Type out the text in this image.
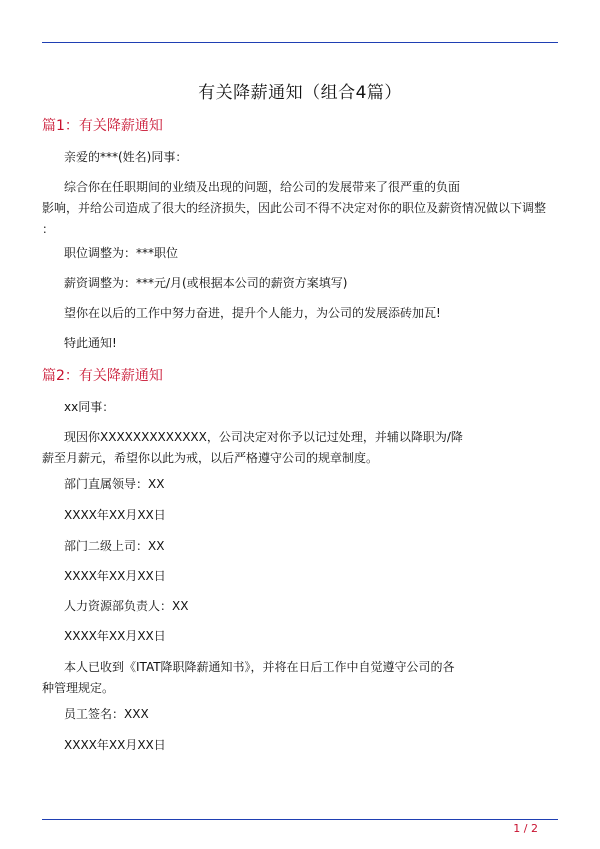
有关降薪通知（组合4篇）
篇1：有关降薪通知
亲爱的***(姓名)同事：
综合你在任职期间的业绩及出现的问题，给公司的发展带来了很严重的负面
影响，并给公司造成了很大的经济损失，因此公司不得不决定对你的职位及薪资情况做以下调整
：
职位调整为：***职位
薪资调整为：***元/月(或根据本公司的薪资方案填写)
望你在以后的工作中努力奋进，提升个人能力，为公司的发展添砖加瓦!
特此通知!
篇2：有关降薪通知
xx同事：
现因你XXXXXXXXXXXXX，公司决定对你予以记过处理，并辅以降职为/降
薪至月薪元，希望你以此为戒，以后严格遵守公司的规章制度。
部门直属领导：XX
XXXX年XX月XX日
部门二级上司：XX
XXXX年XX月XX日
人力资源部负责人：XX
XXXX年XX月XX日
本人已收到《ITAT降职降薪通知书》，并将在日后工作中自觉遵守公司的各
种管理规定。
员工签名：XXX
XXXX年XX月XX日
1 / 2
